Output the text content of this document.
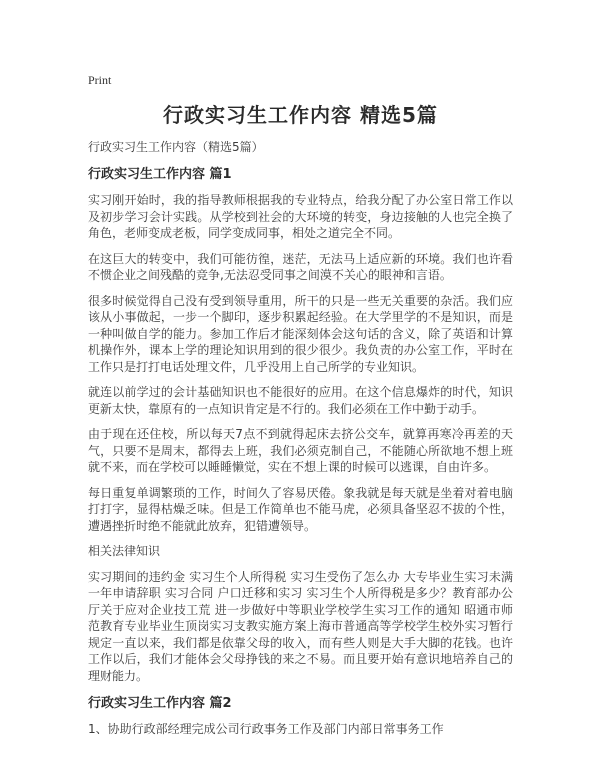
Print
行政实习生工作内容 精选5篇
行政实习生工作内容（精选5篇）
行政实习生工作内容 篇1

实习刚开始时，我的指导教师根据我的专业特点，给我分配了办公室日常工作以及初步学习会计实践。从学校到社会的大环境的转变，身边接触的人也完全换了角色，老师变成老板，同学变成同事，相处之道完全不同。

在这巨大的转变中，我们可能彷徨，迷茫，无法马上适应新的环境。我们也许看不惯企业之间残酷的竞争,无法忍受同事之间漠不关心的眼神和言语。

很多时候觉得自己没有受到领导重用，所干的只是一些无关重要的杂活。我们应该从小事做起，一步一个脚印，逐步积累起经验。在大学里学的不是知识，而是一种叫做自学的能力。参加工作后才能深刻体会这句话的含义，除了英语和计算机操作外，课本上学的理论知识用到的很少很少。我负责的办公室工作，平时在工作只是打打电话处理文件，几乎没用上自己所学的专业知识。

就连以前学过的会计基础知识也不能很好的应用。在这个信息爆炸的时代，知识更新太快，靠原有的一点知识肯定是不行的。我们必须在工作中勤于动手。

由于现在还住校，所以每天7点不到就得起床去挤公交车，就算再寒冷再差的天气，只要不是周末，都得去上班，我们必须克制自己，不能随心所欲地不想上班就不来，而在学校可以睡睡懒觉，实在不想上课的时候可以逃课，自由许多。

每日重复单调繁琐的工作，时间久了容易厌倦。象我就是每天就是坐着对着电脑打打字，显得枯燥乏味。但是工作简单也不能马虎，必须具备坚忍不拔的个性，遭遇挫折时绝不能就此放弃，犯错遭领导。

相关法律知识

实习期间的违约金 实习生个人所得税 实习生受伤了怎么办 大专毕业生实习未满一年申请辞职 实习合同 户口迁移和实习 实习生个人所得税是多少？教育部办公厅关于应对企业技工荒 进一步做好中等职业学校学生实习工作的通知 昭通市师范教育专业毕业生顶岗实习支教实施方案上海市普通高等学校学生校外实习暂行规定一直以来，我们都是依靠父母的收入，而有些人则是大手大脚的花钱。也许工作以后，我们才能体会父母挣钱的来之不易。而且要开始有意识地培养自己的理财能力。

行政实习生工作内容 篇2

1、协助行政部经理完成公司行政事务工作及部门内部日常事务工作
